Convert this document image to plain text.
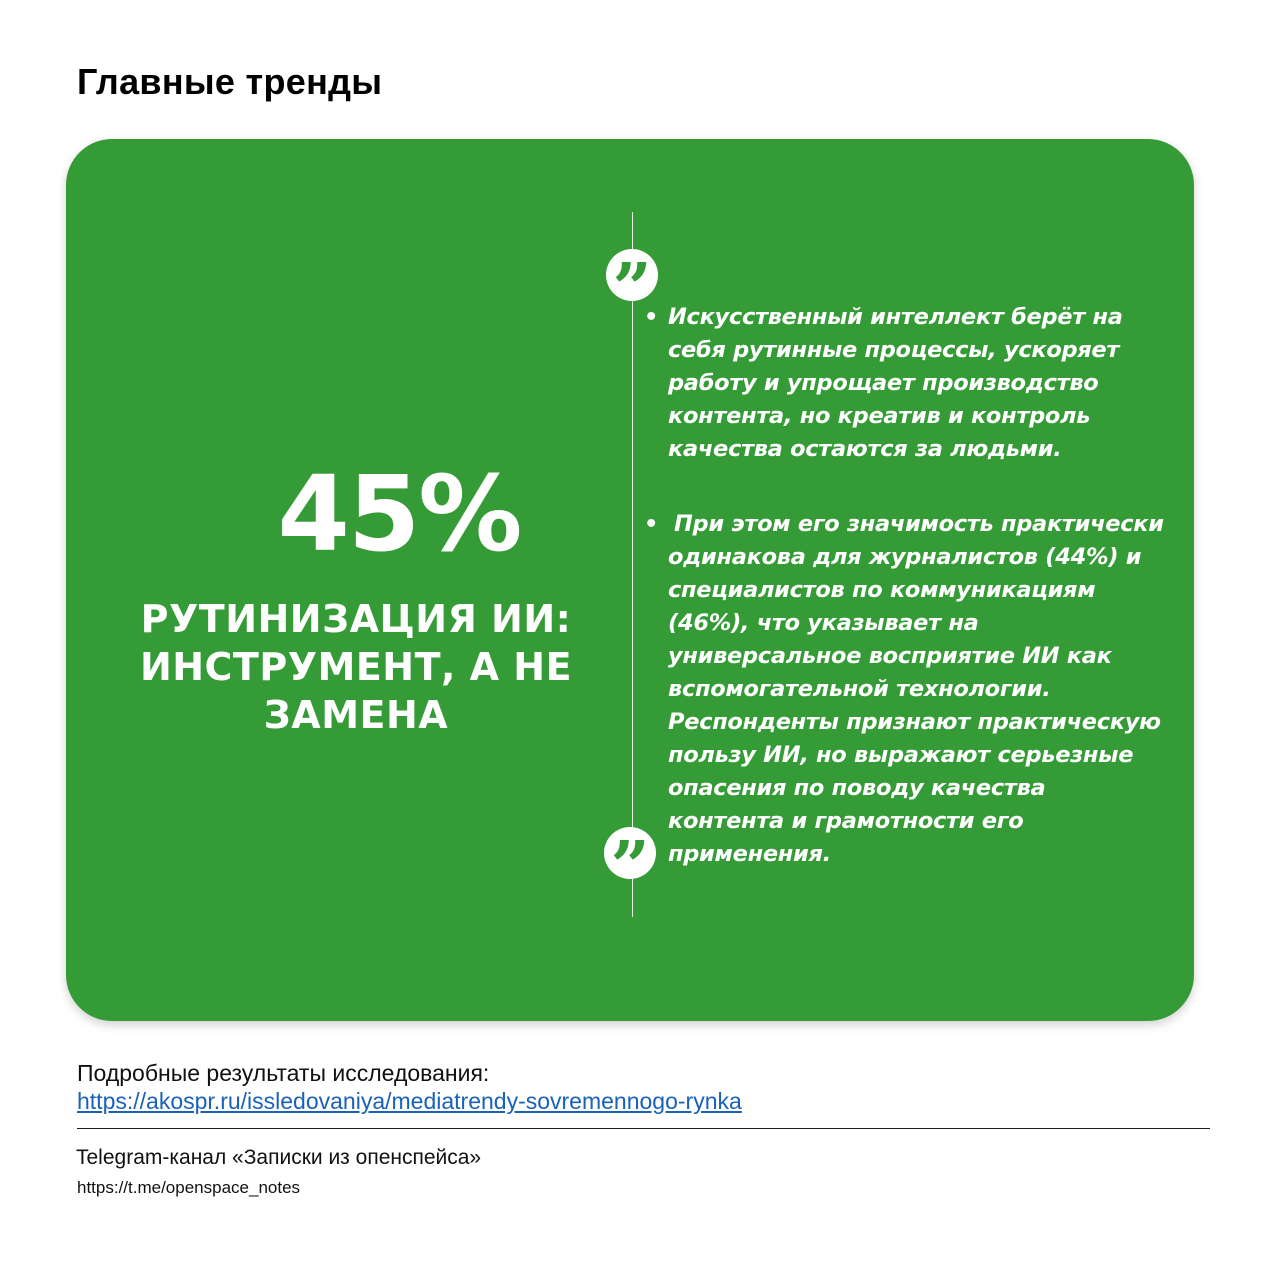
Главные тренды
45%
РУТИНИЗАЦИЯ ИИ: ИНСТРУМЕНТ, А НЕ ЗАМЕНА
”
• Искусственный интеллект берёт на себя рутинные процессы, ускоряет работу и упрощает производство контента, но креатив и контроль качества остаются за людьми.
• При этом его значимость практически одинакова для журналистов (44%) и специалистов по коммуникациям (46%), что указывает на универсальное восприятие ИИ как вспомогательной технологии. Респонденты признают практическую пользу ИИ, но выражают серьезные опасения по поводу качества контента и грамотности его применения.
”
Подробные результаты исследования:
https://akospr.ru/issledovaniya/mediatrendy-sovremennogo-rynka
Telegram-канал «Записки из опенспейса»
https://t.me/openspace_notes
